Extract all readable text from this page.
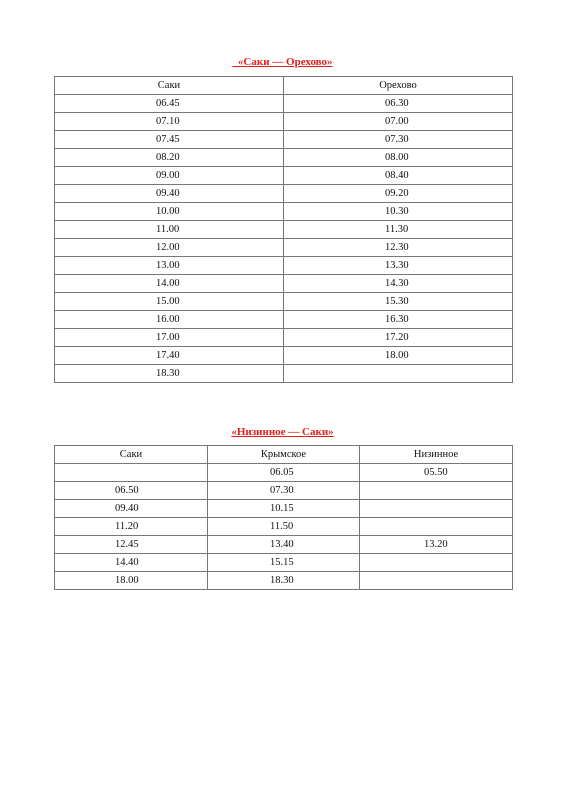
«Саки — Орехово»
Саки	Орехово
06.45	06.30
07.10	07.00
07.45	07.30
08.20	08.00
09.00	08.40
09.40	09.20
10.00	10.30
11.00	11.30
12.00	12.30
13.00	13.30
14.00	14.30
15.00	15.30
16.00	16.30
17.00	17.20
17.40	18.00
18.30	
«Низинное — Саки»
Саки	Крымское	Низинное
	06.05	05.50
06.50	07.30	
09.40	10.15	
11.20	11.50	
12.45	13.40	13.20
14.40	15.15	
18.00	18.30	
